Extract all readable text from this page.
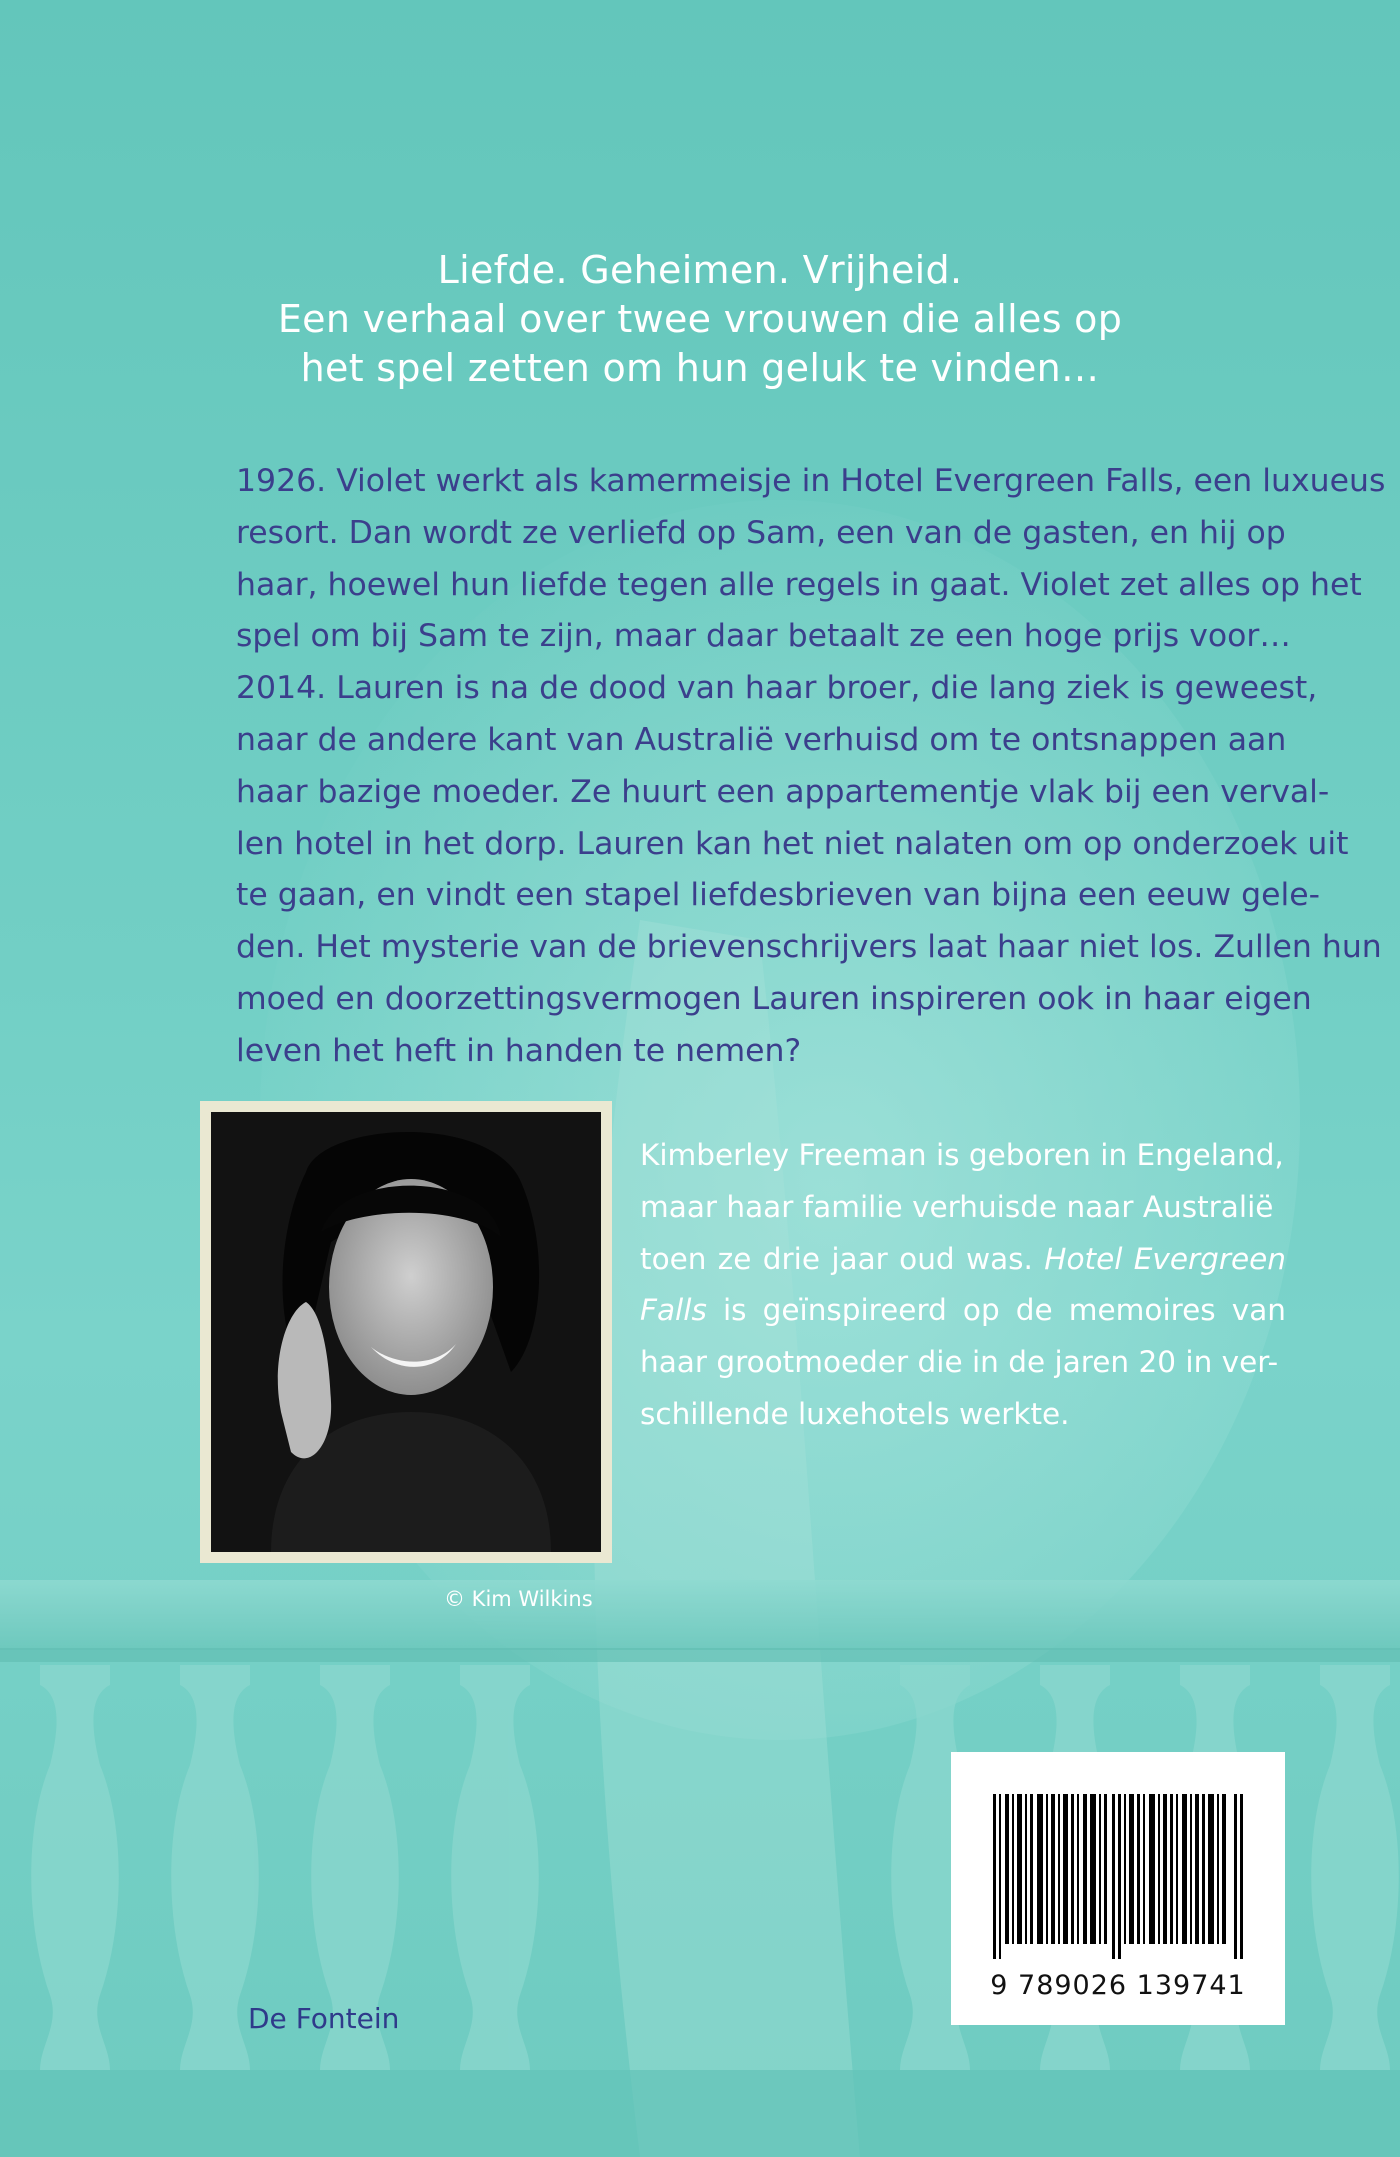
Liefde. Geheimen. Vrijheid.
Een verhaal over twee vrouwen die alles op
het spel zetten om hun geluk te vinden…
1926. Violet werkt als kamermeisje in Hotel Evergreen Falls, een luxueus
resort. Dan wordt ze verliefd op Sam, een van de gasten, en hij op
haar, hoewel hun liefde tegen alle regels in gaat. Violet zet alles op het
spel om bij Sam te zijn, maar daar betaalt ze een hoge prijs voor…
2014. Lauren is na de dood van haar broer, die lang ziek is geweest,
naar de andere kant van Australië verhuisd om te ontsnappen aan
haar bazige moeder. Ze huurt een appartementje vlak bij een verval-
len hotel in het dorp. Lauren kan het niet nalaten om op onderzoek uit
te gaan, en vindt een stapel liefdesbrieven van bijna een eeuw gele-
den. Het mysterie van de brievenschrijvers laat haar niet los. Zullen hun
moed en doorzettingsvermogen Lauren inspireren ook in haar eigen
leven het heft in handen te nemen?
© Kim Wilkins
Kimberley Freeman is geboren in Engeland,
maar haar familie verhuisde naar Australië
toen ze drie jaar oud was. Hotel Evergreen
Falls is geïnspireerd op de memoires van
haar grootmoeder die in de jaren 20 in ver-
schillende luxehotels werkte.
9 789026 139741
De Fontein
